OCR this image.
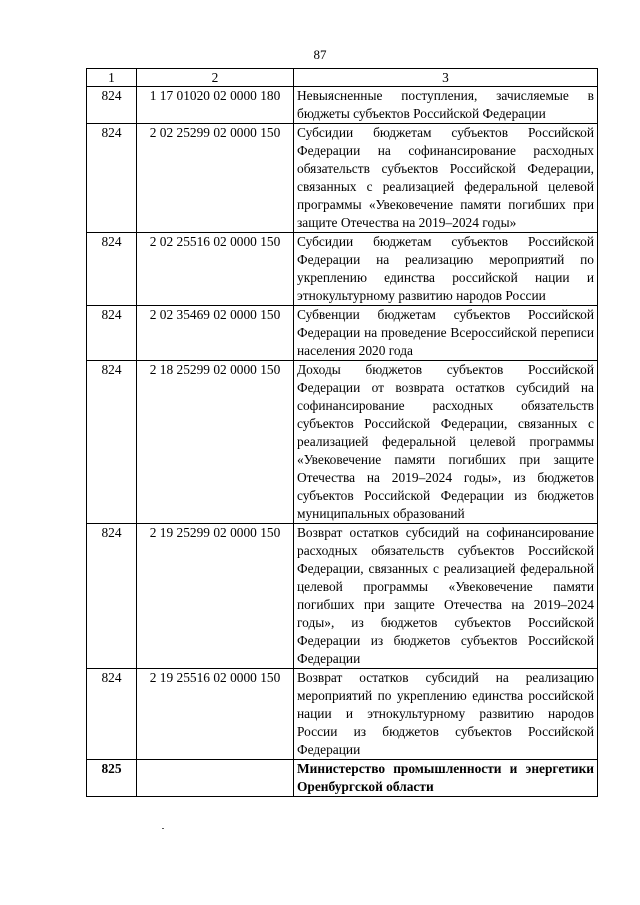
87
1	2	3
824	1 17 01020 02 0000 180	Невыясненные поступления, зачисляемые в бюджеты субъектов Российской Федерации
824	2 02 25299 02 0000 150	Субсидии бюджетам субъектов Российской Федерации на софинансирование расходных обязательств субъектов Российской Федерации, связанных с реализацией федеральной целевой программы «Увековечение памяти погибших при защите Отечества на 2019–2024 годы»
824	2 02 25516 02 0000 150	Субсидии бюджетам субъектов Российской Федерации на реализацию мероприятий по укреплению единства российской нации и этнокультурному развитию народов России
824	2 02 35469 02 0000 150	Субвенции бюджетам субъектов Российской Федерации на проведение Всероссийской переписи населения 2020 года
824	2 18 25299 02 0000 150	Доходы бюджетов субъектов Российской Федерации от возврата остатков субсидий на софинансирование расходных обязательств субъектов Российской Федерации, связанных с реализацией федеральной целевой программы «Увековечение памяти погибших при защите Отечества на 2019–2024 годы», из бюджетов субъектов Российской Федерации из бюджетов муниципальных образований
824	2 19 25299 02 0000 150	Возврат остатков субсидий на софинансирование расходных обязательств субъектов Российской Федерации, связанных с реализацией федеральной целевой программы «Увековечение памяти погибших при защите Отечества на 2019–2024 годы», из бюджетов субъектов Российской Федерации из бюджетов субъектов Российской Федерации
824	2 19 25516 02 0000 150	Возврат остатков субсидий на реализацию мероприятий по укреплению единства российской нации и этнокультурному развитию народов России из бюджетов субъектов Российской Федерации
825		Министерство промышленности и энергетики Оренбургской области
